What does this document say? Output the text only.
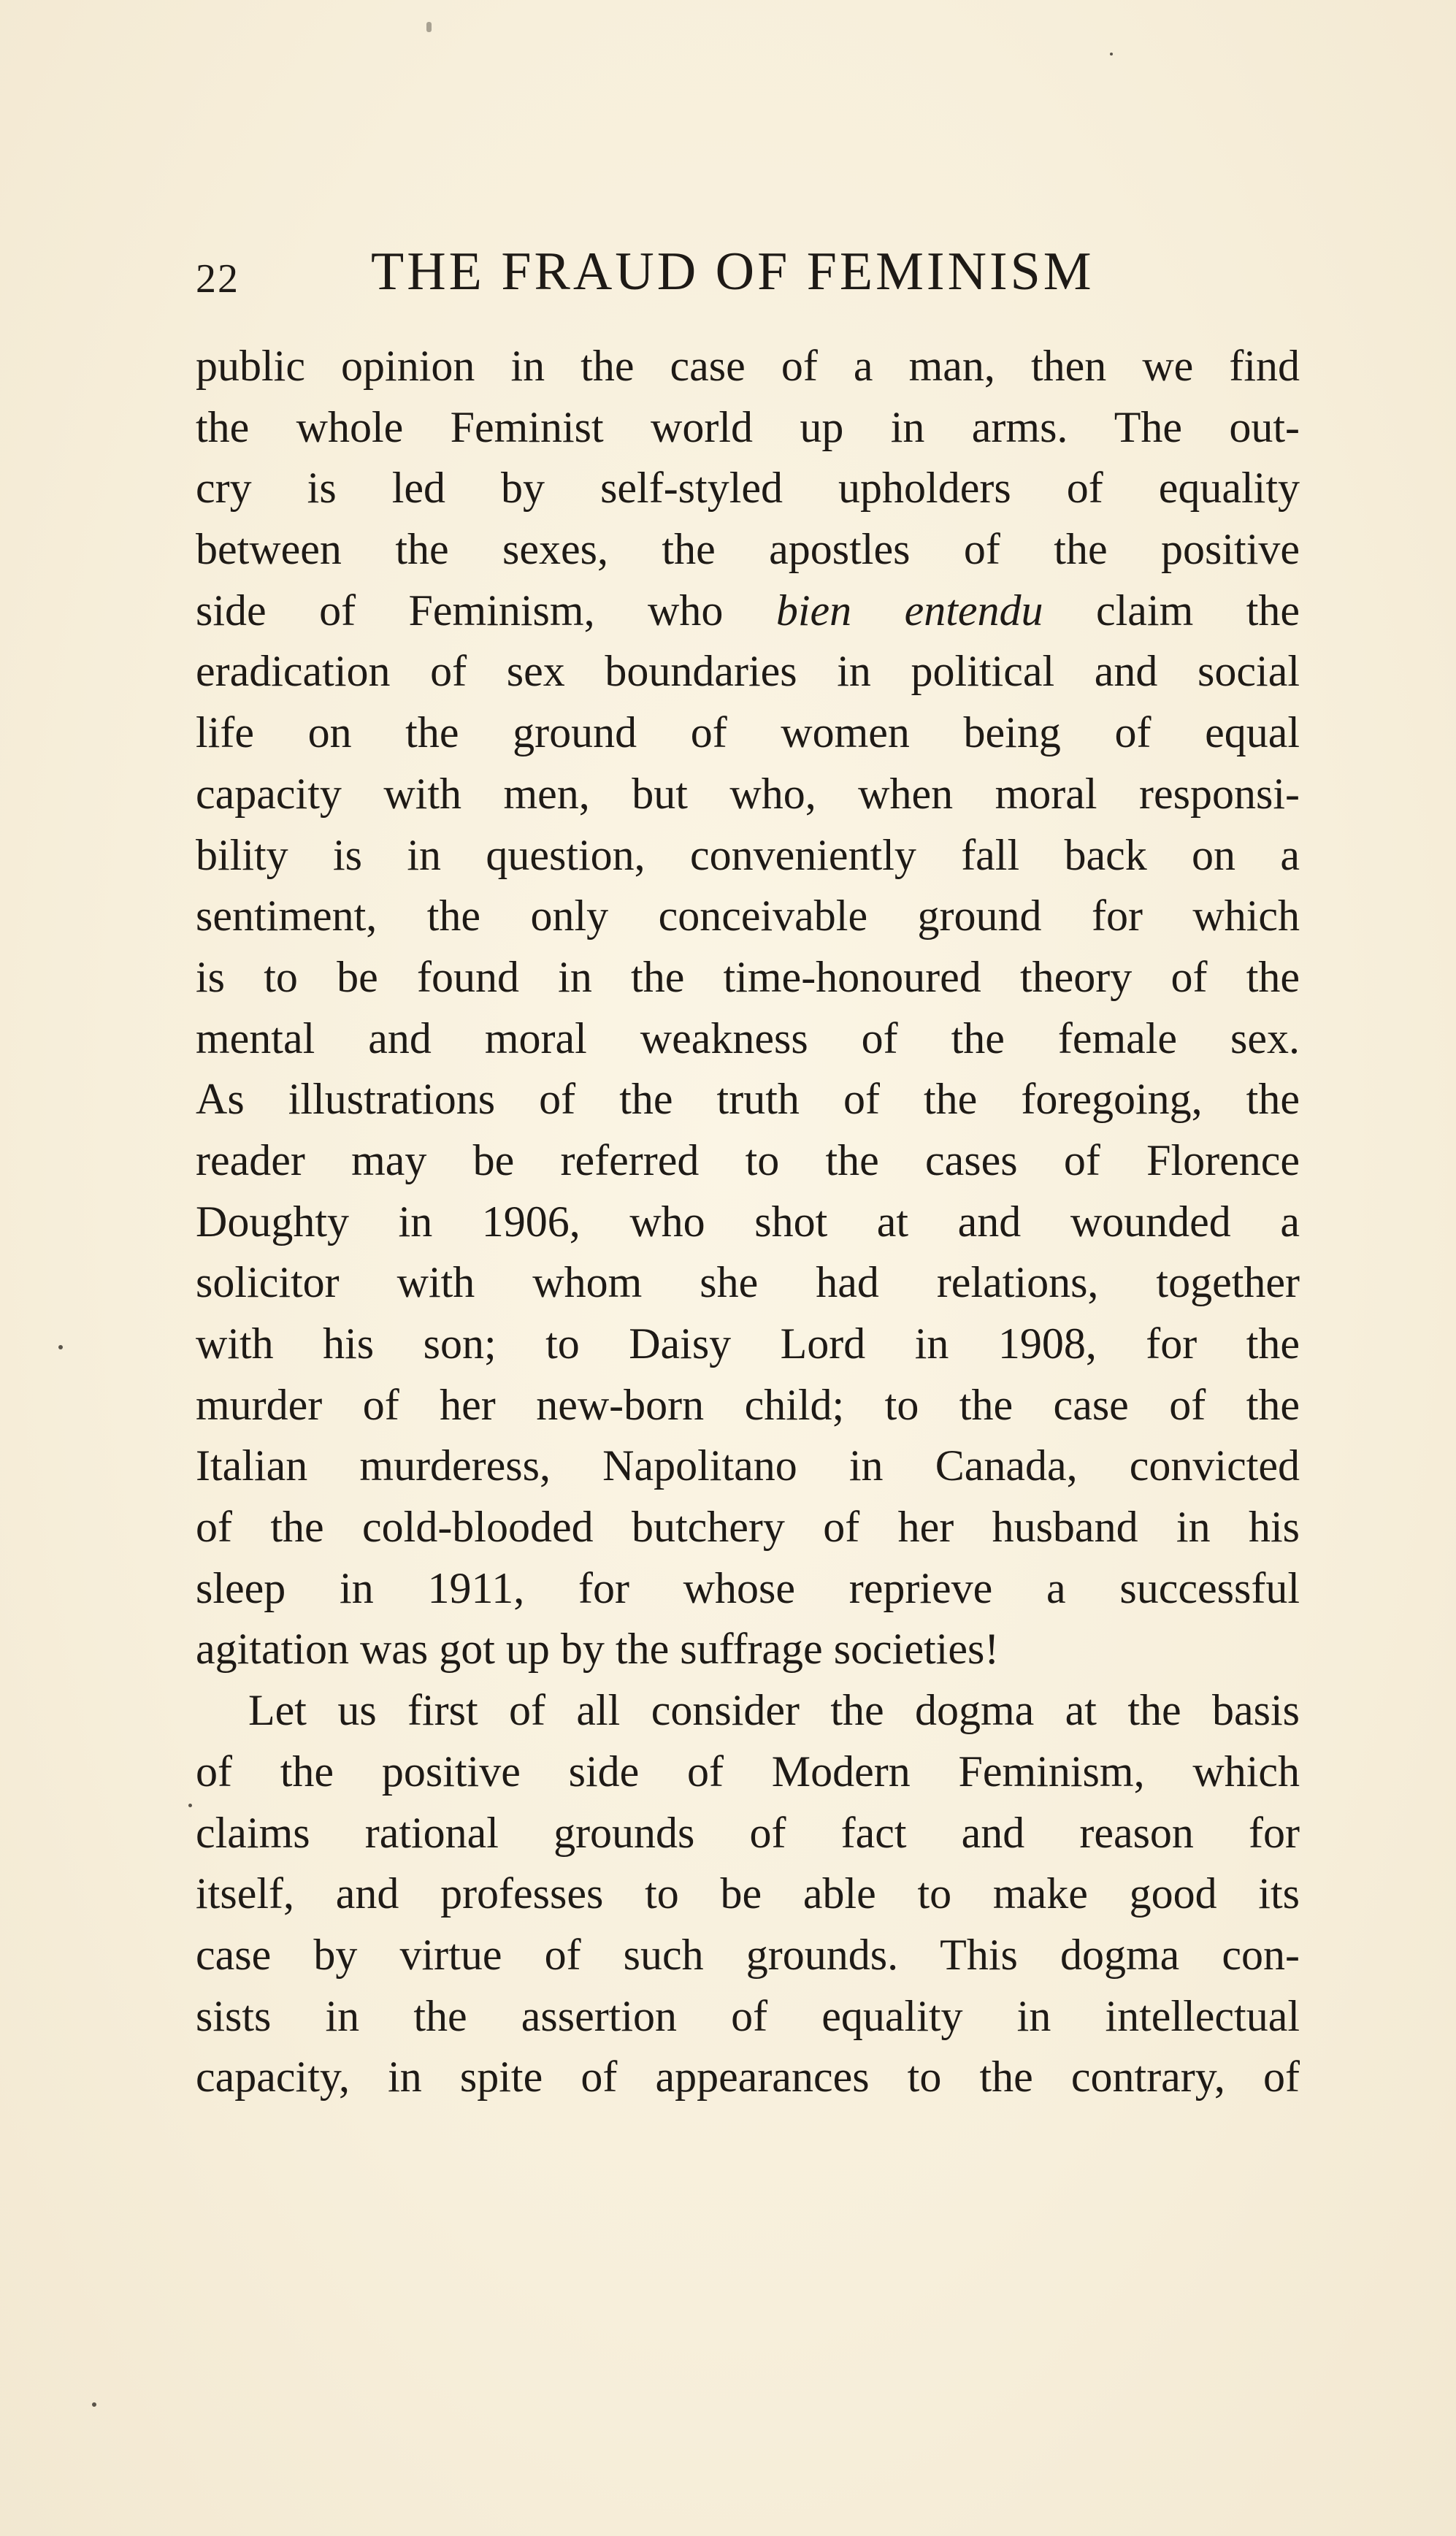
22 THE FRAUD OF FEMINISM
public opinion in the case of a man, then we find
the whole Feminist world up in arms. The out-
cry is led by self-styled upholders of equality
between the sexes, the apostles of the positive
side of Feminism, who bien entendu claim the
eradication of sex boundaries in political and social
life on the ground of women being of equal
capacity with men, but who, when moral responsi-
bility is in question, conveniently fall back on a
sentiment, the only conceivable ground for which
is to be found in the time-honoured theory of the
mental and moral weakness of the female sex.
As illustrations of the truth of the foregoing, the
reader may be referred to the cases of Florence
Doughty in 1906, who shot at and wounded a
solicitor with whom she had relations, together
with his son; to Daisy Lord in 1908, for the
murder of her new-born child; to the case of the
Italian murderess, Napolitano in Canada, convicted
of the cold-blooded butchery of her husband in his
sleep in 1911, for whose reprieve a successful
agitation was got up by the suffrage societies!
Let us first of all consider the dogma at the basis
of the positive side of Modern Feminism, which
claims rational grounds of fact and reason for
itself, and professes to be able to make good its
case by virtue of such grounds. This dogma con-
sists in the assertion of equality in intellectual
capacity, in spite of appearances to the contrary, of
